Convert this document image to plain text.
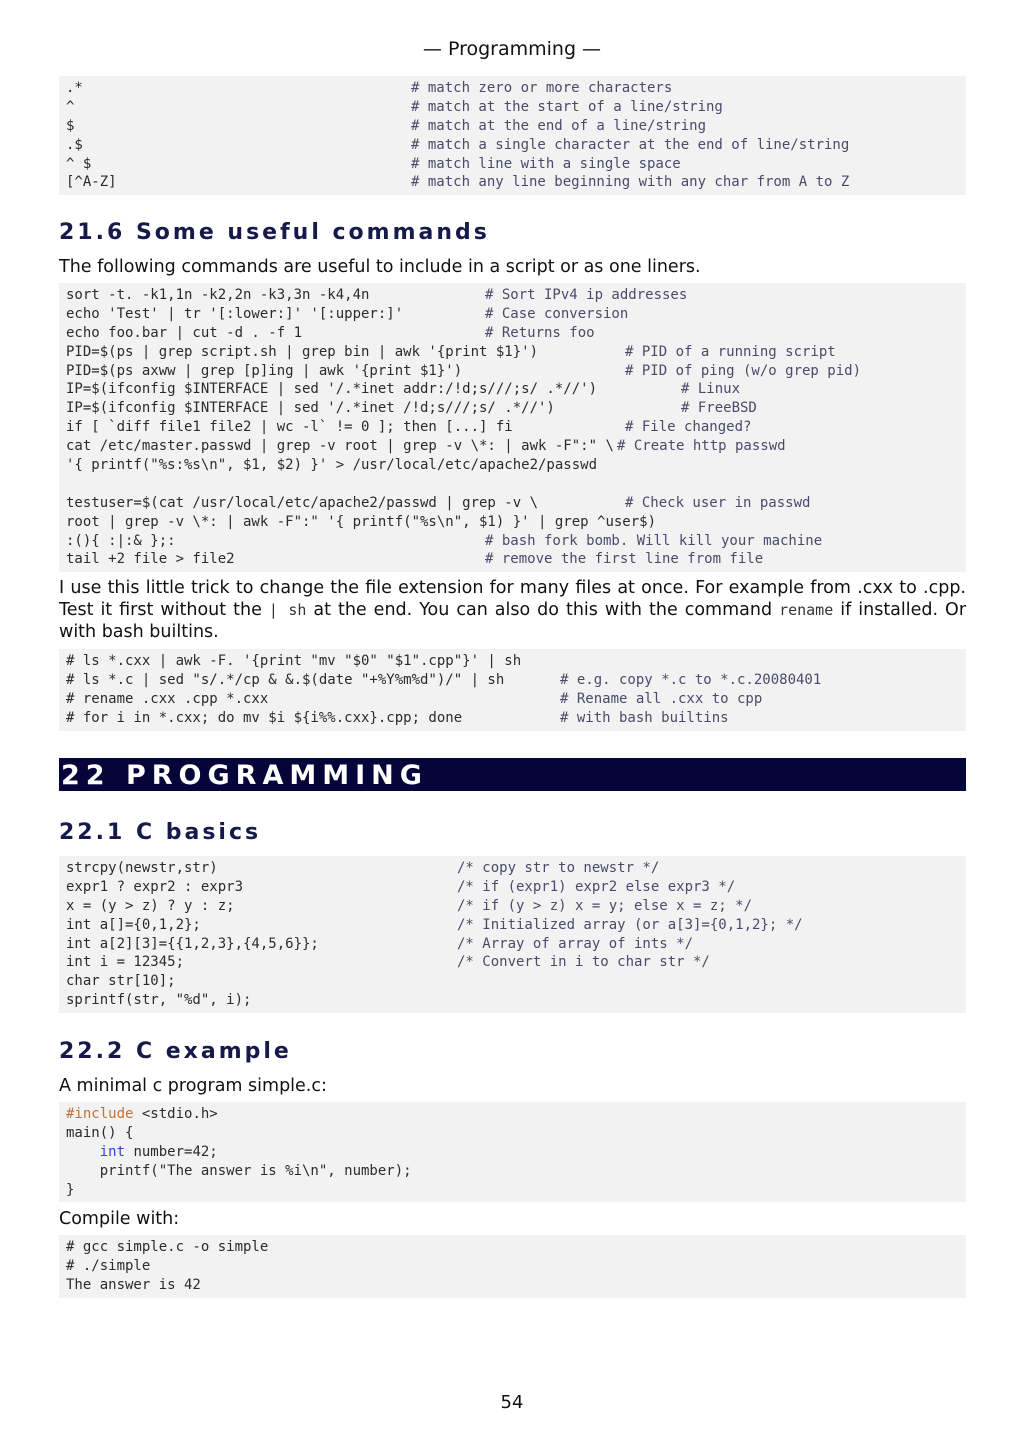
— Programming —
.*	# match zero or more characters
^	# match at the start of a line/string
$	# match at the end of a line/string
.$	# match a single character at the end of line/string
^ $	# match line with a single space
[^A-Z]	# match any line beginning with any char from A to Z
21.6 Some useful commands
The following commands are useful to include in a script or as one liners.
sort -t. -k1,1n -k2,2n -k3,3n -k4,4n	# Sort IPv4 ip addresses
echo 'Test' | tr '[:lower:]' '[:upper:]'	# Case conversion
echo foo.bar | cut -d . -f 1	# Returns foo
PID=$(ps | grep script.sh | grep bin | awk '{print $1}')	# PID of a running script
PID=$(ps axww | grep [p]ing | awk '{print $1}')	# PID of ping (w/o grep pid)
IP=$(ifconfig $INTERFACE | sed '/.*inet addr:/!d;s///;s/ .*//')	# Linux
IP=$(ifconfig $INTERFACE | sed '/.*inet /!d;s///;s/ .*//')	# FreeBSD
if [ `diff file1 file2 | wc -l` != 0 ]; then [...] fi	# File changed?
cat /etc/master.passwd | grep -v root | grep -v \*: | awk -F":" \ # Create http passwd
'{ printf("%s:%s\n", $1, $2) }' > /usr/local/etc/apache2/passwd
testuser=$(cat /usr/local/etc/apache2/passwd | grep -v \	# Check user in passwd
root | grep -v \*: | awk -F":" '{ printf("%s\n", $1) }' | grep ^user$)
:(){ :|:& };:	# bash fork bomb. Will kill your machine
tail +2 file > file2	# remove the first line from file
I use this little trick to change the file extension for many files at once. For example from .cxx to .cpp. Test it first without the | sh at the end. You can also do this with the command rename if installed. Or with bash builtins.
# ls *.cxx | awk -F. '{print "mv "$0" "$1".cpp"}' | sh
# ls *.c | sed "s/.*/cp & &.$(date "+%Y%m%d")/" | sh	# e.g. copy *.c to *.c.20080401
# rename .cxx .cpp *.cxx	# Rename all .cxx to cpp
# for i in *.cxx; do mv $i ${i%%.cxx}.cpp; done	# with bash builtins
22 PROGRAMMING
22.1 C basics
strcpy(newstr,str)	/* copy str to newstr */
expr1 ? expr2 : expr3	/* if (expr1) expr2 else expr3 */
x = (y > z) ? y : z;	/* if (y > z) x = y; else x = z; */
int a[]={0,1,2};	/* Initialized array (or a[3]={0,1,2}; */
int a[2][3]={{1,2,3},{4,5,6}};	/* Array of array of ints */
int i = 12345;	/* Convert in i to char str */
char str[10];
sprintf(str, "%d", i);
22.2 C example
A minimal c program simple.c:
#include <stdio.h>
main() {
int number=42;
printf("The answer is %i\n", number);
}
Compile with:
# gcc simple.c -o simple
# ./simple
The answer is 42
54
